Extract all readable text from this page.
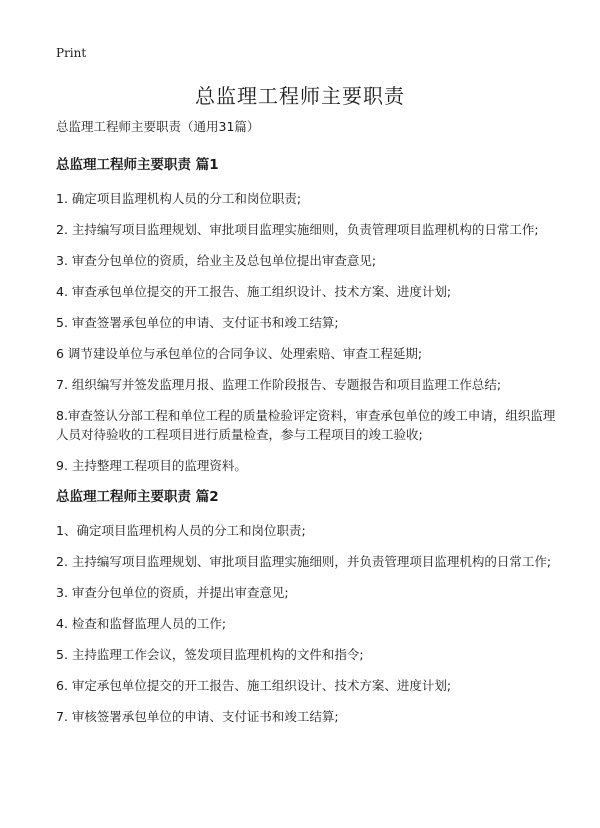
Print
总监理工程师主要职责

总监理工程师主要职责（通用31篇）

总监理工程师主要职责 篇1
1. 确定项目监理机构人员的分工和岗位职责;
2. 主持编写项目监理规划、审批项目监理实施细则，负责管理项目监理机构的日常工作;
3. 审查分包单位的资质，给业主及总包单位提出审查意见;
4. 审查承包单位提交的开工报告、施工组织设计、技术方案、进度计划;
5. 审查签署承包单位的申请、支付证书和竣工结算;
6 调节建设单位与承包单位的合同争议、处理索赔、审查工程延期;
7. 组织编写并签发监理月报、监理工作阶段报告、专题报告和项目监理工作总结;
8.审查签认分部工程和单位工程的质量检验评定资料，审查承包单位的竣工申请，组织监理人员对待验收的工程项目进行质量检查，参与工程项目的竣工验收;
9. 主持整理工程项目的监理资料。
总监理工程师主要职责 篇2
1、确定项目监理机构人员的分工和岗位职责;
2. 主持编写项目监理规划、审批项目监理实施细则，并负责管理项目监理机构的日常工作;
3. 审查分包单位的资质，并提出审查意见;
4. 检查和监督监理人员的工作;
5. 主持监理工作会议，签发项目监理机构的文件和指令;
6. 审定承包单位提交的开工报告、施工组织设计、技术方案、进度计划;
7. 审核签署承包单位的申请、支付证书和竣工结算;
